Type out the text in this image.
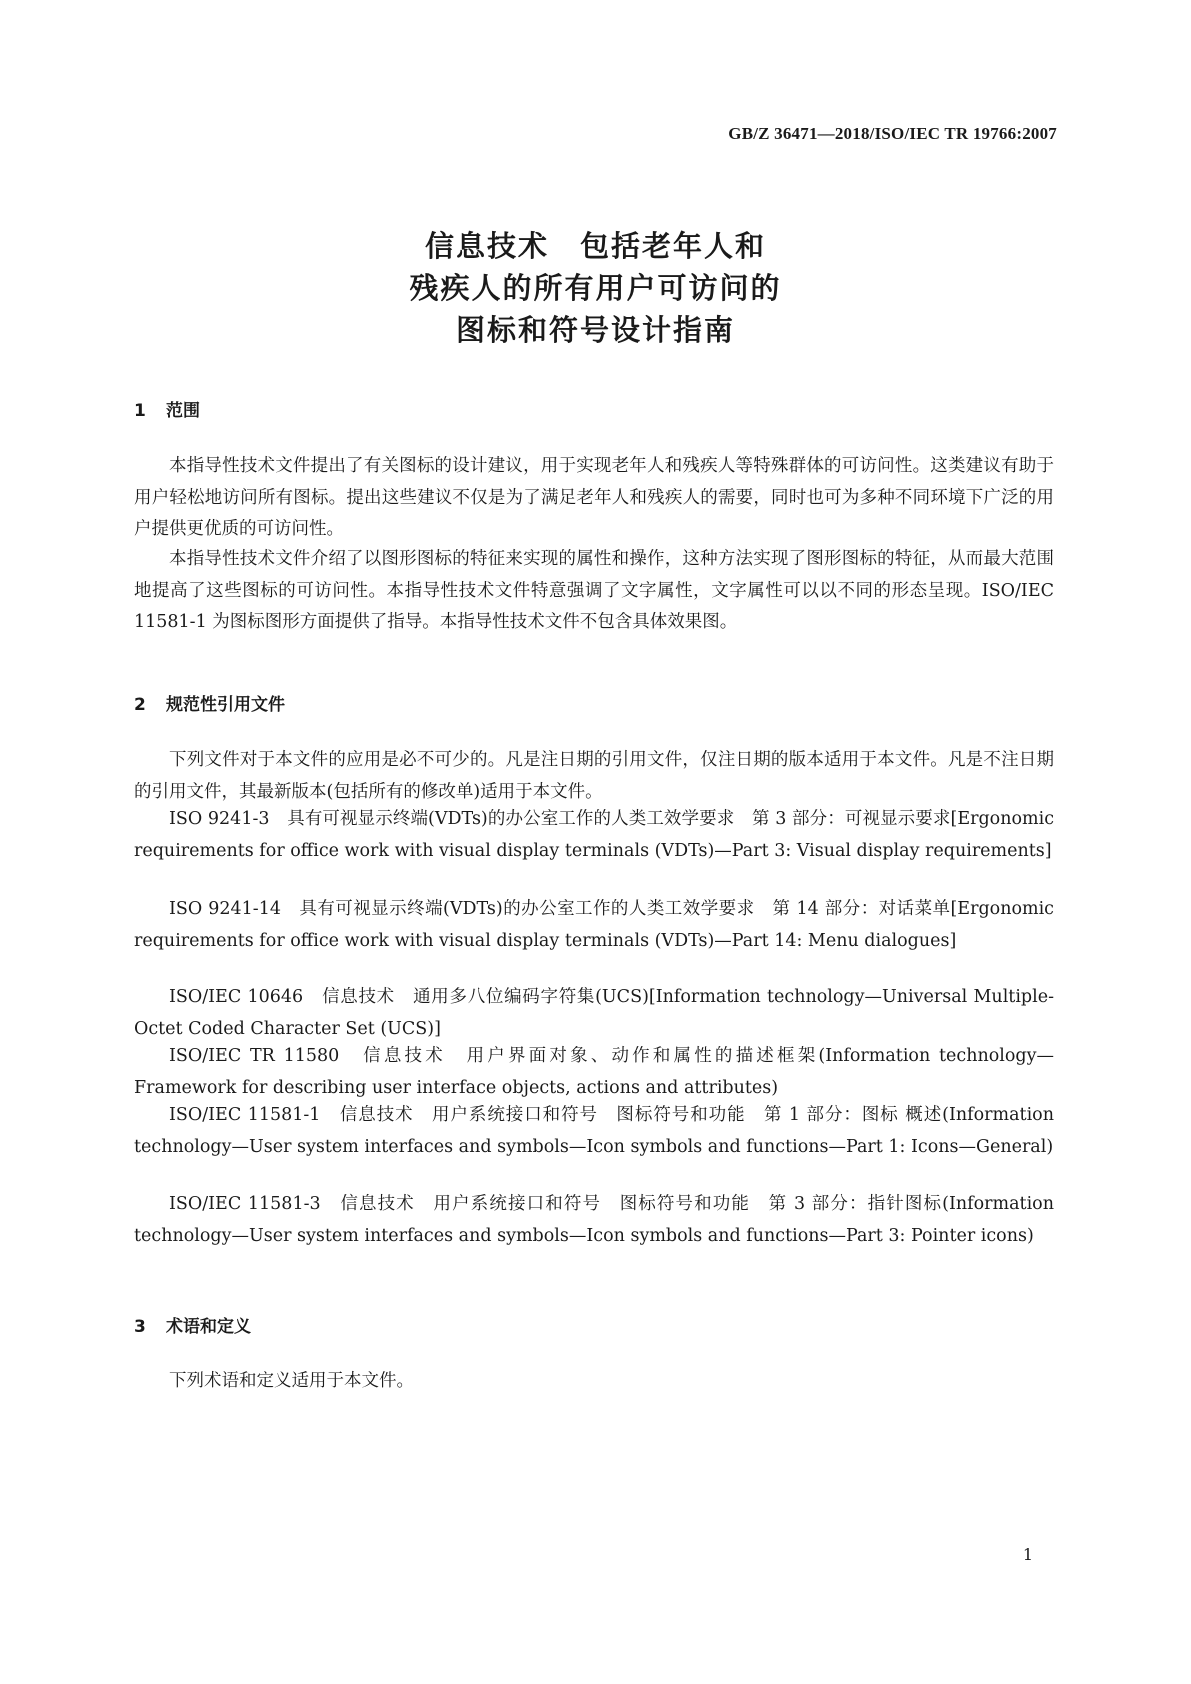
GB/Z 36471—2018/ISO/IEC TR 19766:2007
信息技术　包括老年人和
残疾人的所有用户可访问的
图标和符号设计指南
1 范围

本指导性技术文件提出了有关图标的设计建议，用于实现老年人和残疾人等特殊群体的可访问性。这类建议有助于用户轻松地访问所有图标。提出这些建议不仅是为了满足老年人和残疾人的需要，同时也可为多种不同环境下广泛的用户提供更优质的可访问性。

本指导性技术文件介绍了以图形图标的特征来实现的属性和操作，这种方法实现了图形图标的特征，从而最大范围地提高了这些图标的可访问性。本指导性技术文件特意强调了文字属性，文字属性可以以不同的形态呈现。ISO/IEC 11581-1 为图标图形方面提供了指导。本指导性技术文件不包含具体效果图。

2 规范性引用文件

下列文件对于本文件的应用是必不可少的。凡是注日期的引用文件，仅注日期的版本适用于本文件。凡是不注日期的引用文件，其最新版本(包括所有的修改单)适用于本文件。

ISO 9241-3　具有可视显示终端(VDTs)的办公室工作的人类工效学要求　第 3 部分：可视显示要求[Ergonomic requirements for office work with visual display terminals (VDTs)—Part 3: Visual display requirements]

ISO 9241-14　具有可视显示终端(VDTs)的办公室工作的人类工效学要求　第 14 部分：对话菜单[Ergonomic requirements for office work with visual display terminals (VDTs)—Part 14: Menu dialogues]

ISO/IEC 10646　信息技术　通用多八位编码字符集(UCS)[Information technology—Universal Multiple-Octet Coded Character Set (UCS)]

ISO/IEC TR 11580　信息技术　用户界面对象、动作和属性的描述框架(Information technology—Framework for describing user interface objects, actions and attributes)

ISO/IEC 11581-1　信息技术　用户系统接口和符号　图标符号和功能　第 1 部分：图标 概述(Information technology—User system interfaces and symbols—Icon symbols and functions—Part 1: Icons—General)

ISO/IEC 11581-3　信息技术　用户系统接口和符号　图标符号和功能　第 3 部分：指针图标(Information technology—User system interfaces and symbols—Icon symbols and functions—Part 3: Pointer icons)

3 术语和定义

下列术语和定义适用于本文件。

1
